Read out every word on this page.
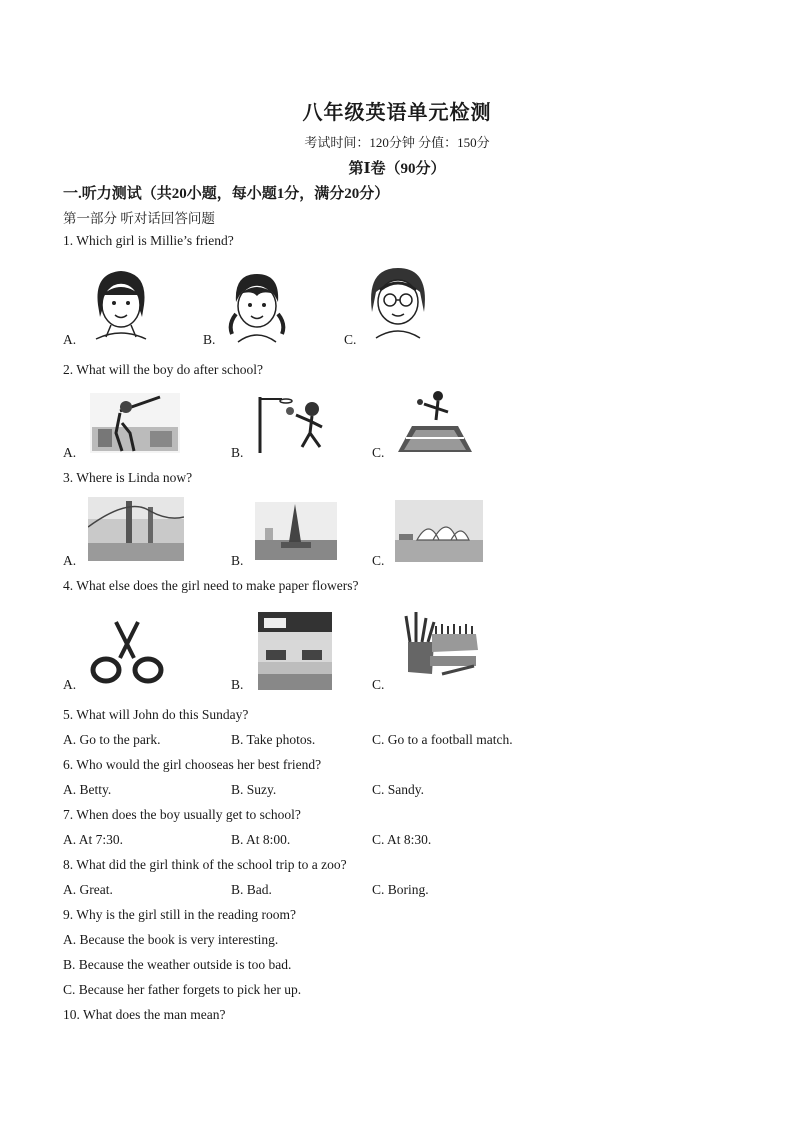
八年级英语单元检测
考试时间：120分钟 分值：150分
第Ⅰ卷（90分）
一.听力测试（共20小题，每小题1分，满分20分）
第一部分 听对话回答问题
1. Which girl is Millie’s friend?
A.	B.	C.
2. What will the boy do after school?
A.	B.	C.
3. Where is Linda now?
A.	B.	C.
4. What else does the girl need to make paper flowers?
A.	B.	C.
5. What will John do this Sunday?
A. Go to the park.	B. Take photos.	C. Go to a football match.
6. Who would the girl chooseas her best friend?
A. Betty.	B. Suzy.	C. Sandy.
7. When does the boy usually get to school?
A. At 7:30.	B. At 8:00.	C. At 8:30.
8. What did the girl think of the school trip to a zoo?
A. Great.	B. Bad.	C. Boring.
9. Why is the girl still in the reading room?
A. Because the book is very interesting.
B. Because the weather outside is too bad.
C. Because her father forgets to pick her up.
10. What does the man mean?
